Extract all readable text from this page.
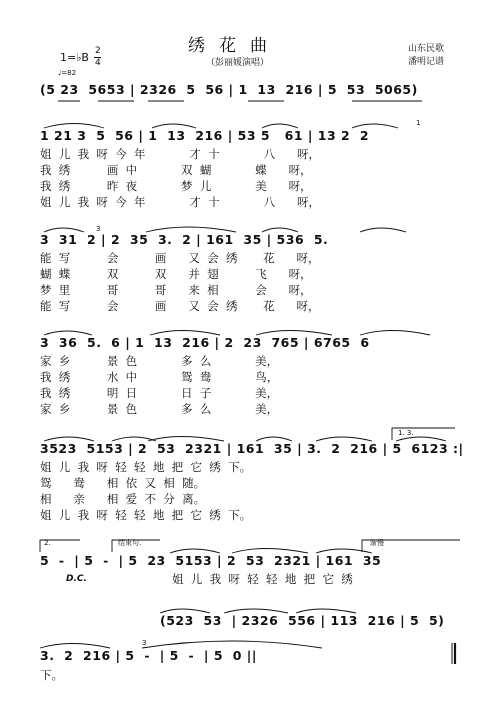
绣花曲
（彭丽媛演唱）
1=♭B 2
4
♩=82
山东民歌
潘明记谱
(5 23  5653 | 2326  5  56 | 1  13  216 | 5  53  5065)
1 21 3  5  56 | 1  13  216 | 53 5   61 | 13 2  2
1
姐  儿  我  呀  今  年            才  十            八      呀，
我  绣          画  中            双  蝴            蝶      呀，
我  绣          昨  夜            梦  儿            美      呀，
姐  儿  我  呀  今  年            才  十            八      呀，
3  31  2 | 2  35  3.  2 | 161  35 | 536  5.
3
能  写          会          画      又  会  绣       花      呀，
蝴  蝶          双          双      并  翅          飞      呀，
梦  里          哥          哥      来  相          会      呀，
能  写          会          画      又  会  绣       花      呀，
3  36  5.  6 | 1  13  216 | 2  23  765 | 6765  6
家  乡          景  色            多  么            美，
我  绣          水  中            鸳  鸯            鸟，
我  绣          明  日            日  子            美，
家  乡          景  色            多  么            美，
1. 3.
3523  5153 | 2  53  2321 | 161  35 | 3.  2  216 | 5  6123 :|
姐  儿  我  呀  轻  轻  地  把  它  绣  下。
鸳      鸯      相  依  又  相  随。
相      亲      相  爱  不  分  离。
姐  儿  我  呀  轻  轻  地  把  它  绣  下。
2.	结束句.	渐慢
5  -  | 5  -  | 5  23  5153 | 2  53  2321 | 161  35
D.C.	姐  儿  我  呀  轻  轻  地  把  它  绣
(523  53  | 2326  556 | 113  216 | 5  5)
3.  2  216 | 5  -  | 5  -  | 5  0 ||
3
下。
